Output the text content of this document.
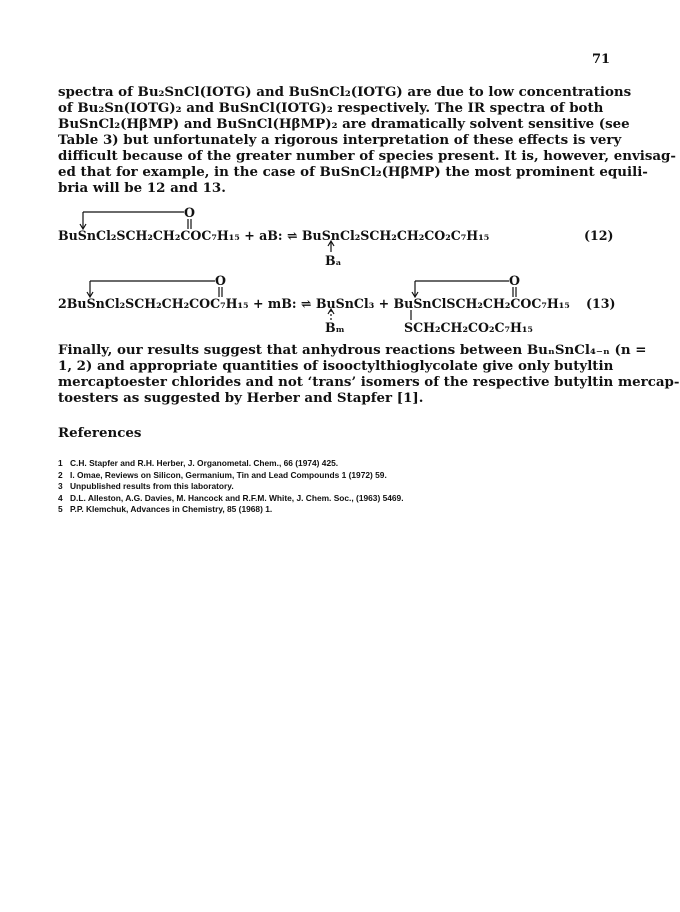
71

spectra of Bu₂SnCl(IOTG) and BuSnCl₂(IOTG) are due to low concentrations
of Bu₂Sn(IOTG)₂ and BuSnCl(IOTG)₂ respectively. The IR spectra of both
BuSnCl₂(HβMP) and BuSnCl(HβMP)₂ are dramatically solvent sensitive (see
Table 3) but unfortunately a rigorous interpretation of these effects is very
difficult because of the greater number of species present. It is, however, envisag-
ed that for example, in the case of BuSnCl₂(HβMP) the most prominent equili-
bria will be 12 and 13.

O
BuSnCl₂SCH₂CH₂COC₇H₁₅ + aB: ⇌ BuSnCl₂SCH₂CH₂CO₂C₇H₁₅
Bₐ
(12)
O	O
2BuSnCl₂SCH₂CH₂COC₇H₁₅ + mB: ⇌ BuSnCl₃ + BuSnClSCH₂CH₂COC₇H₁₅
Bₘ	SCH₂CH₂CO₂C₇H₁₅
(13)

Finally, our results suggest that anhydrous reactions between BuₙSnCl₄₋ₙ (n =
1, 2) and appropriate quantities of isooctylthioglycolate give only butyltin
mercaptoester chlorides and not ‘trans’ isomers of the respective butyltin mercap-
toesters as suggested by Herber and Stapfer [1].

References
1 C.H. Stapfer and R.H. Herber, J. Organometal. Chem., 66 (1974) 425.
2 I. Omae, Reviews on Silicon, Germanium, Tin and Lead Compounds 1 (1972) 59.
3 Unpublished results from this laboratory.
4 D.L. Alleston, A.G. Davies, M. Hancock and R.F.M. White, J. Chem. Soc., (1963) 5469.
5 P.P. Klemchuk, Advances in Chemistry, 85 (1968) 1.
